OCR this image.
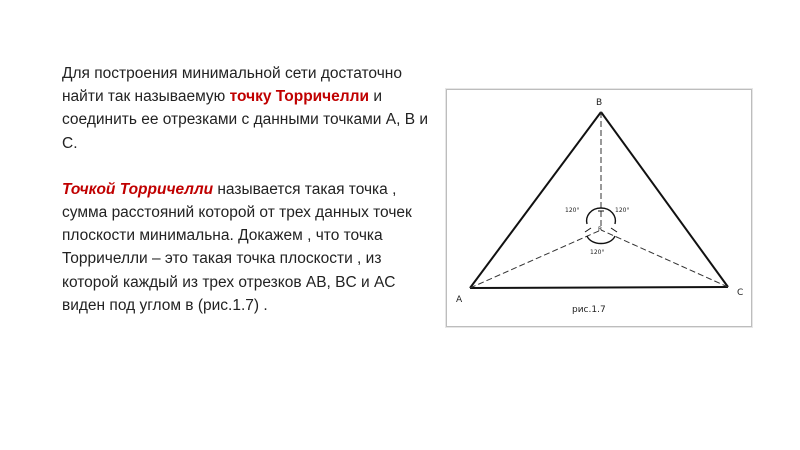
Для построения минимальной сети достаточно найти так называемую точку Торричелли и соединить ее отрезками с данными точками A, B и C.

Точкой Торричелли называется такая точка , сумма расстояний которой от трех данных точек плоскости минимальна. Докажем , что точка Торричелли – это такая точка плоскости , из которой каждый из трех отрезков AB, BC и AC виден под углом в (рис.1.7) .

B
A
C
120°	120°
120°
P
рис.1.7
